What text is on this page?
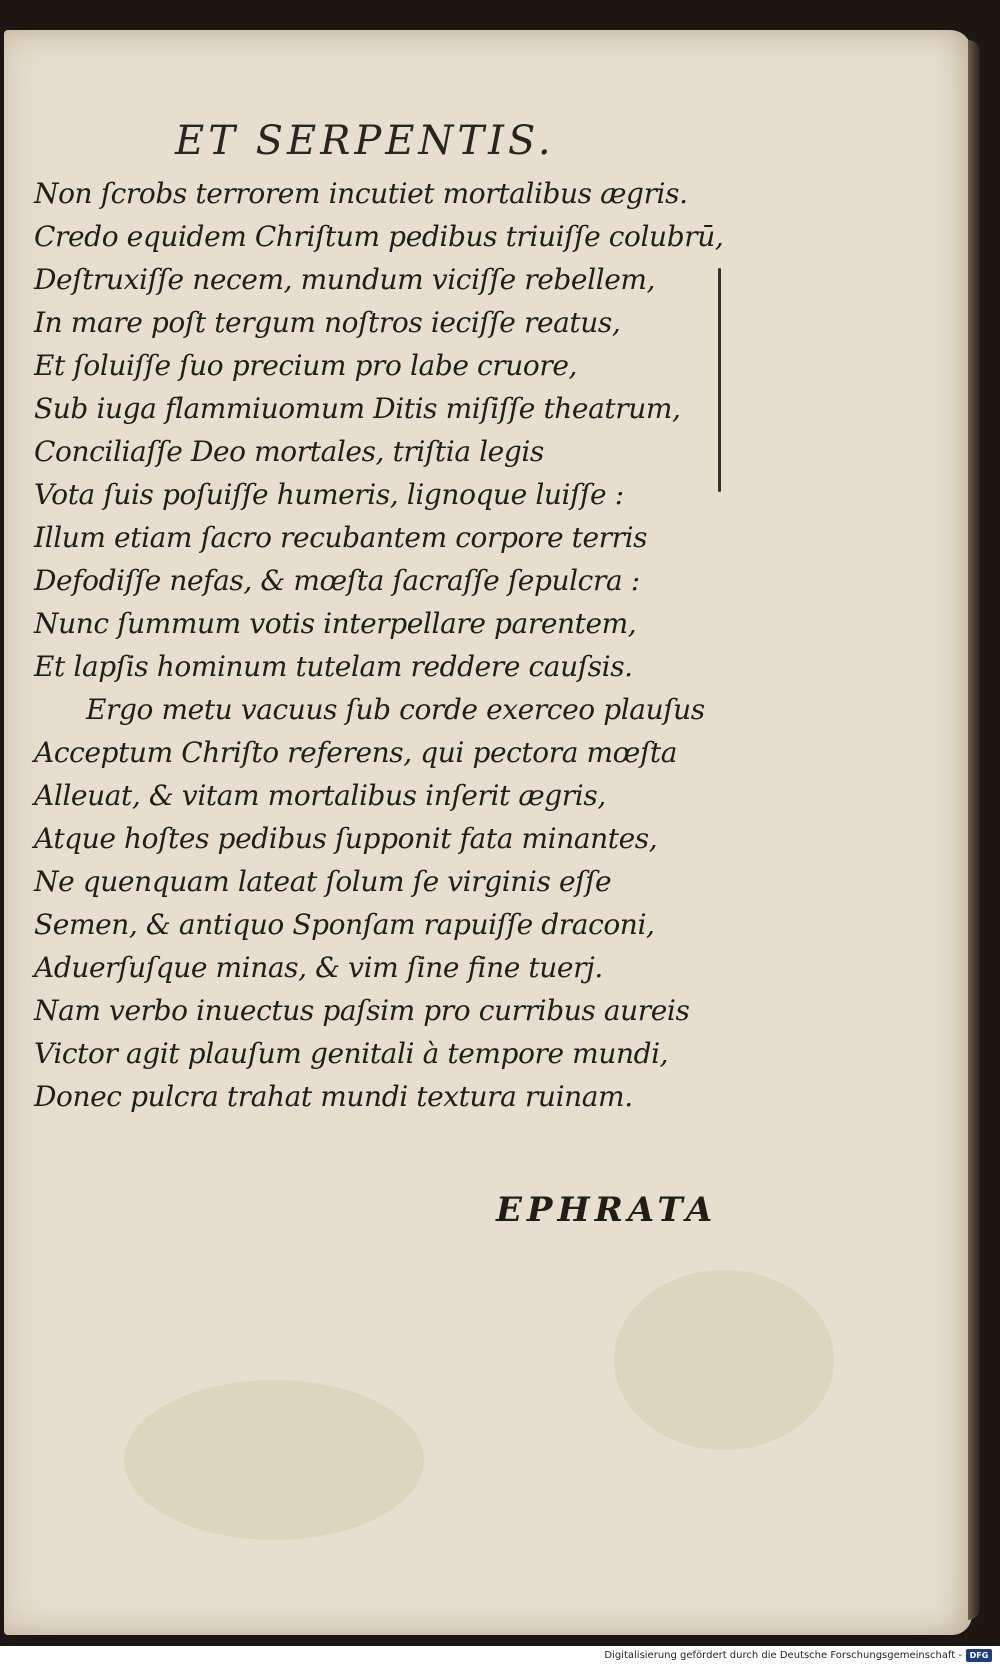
ET SERPENTIS.
Non ſcrobs terrorem incutiet mortalibus ægris.
Credo equidem Chriſtum pedibus triuiſſe colubrū,
Deſtruxiſſe necem, mundum viciſſe rebellem,
In mare poſt tergum noſtros ieciſſe reatus,
Et ſoluiſſe ſuo precium pro labe cruore,
Sub iuga flammiuomum Ditis miſiſſe theatrum,
Conciliaſſe Deo mortales, triſtia legis
Vota ſuis poſuiſſe humeris, lignoque luiſſe :
Illum etiam ſacro recubantem corpore terris
Defodiſſe nefas, & mœſta ſacraſſe ſepulcra :
Nunc ſummum votis interpellare parentem,
Et lapſis hominum tutelam reddere cauſsis.
Ergo metu vacuus ſub corde exerceo plauſus
Acceptum Chriſto referens, qui pectora mœſta
Alleuat, & vitam mortalibus inſerit ægris,
Atque hoſtes pedibus ſupponit fata minantes,
Ne quenquam lateat ſolum ſe virginis eſſe
Semen, & antiquo Sponſam rapuiſſe draconi,
Aduerſuſque minas, & vim ſine fine tuerj.
Nam verbo inuectus paſsim pro curribus aureis
Victor agit plauſum genitali à tempore mundi,
Donec pulcra trahat mundi textura ruinam.
EPHRATA
Digitalisierung gefördert durch die Deutsche Forschungsgemeinschaft - DFG
